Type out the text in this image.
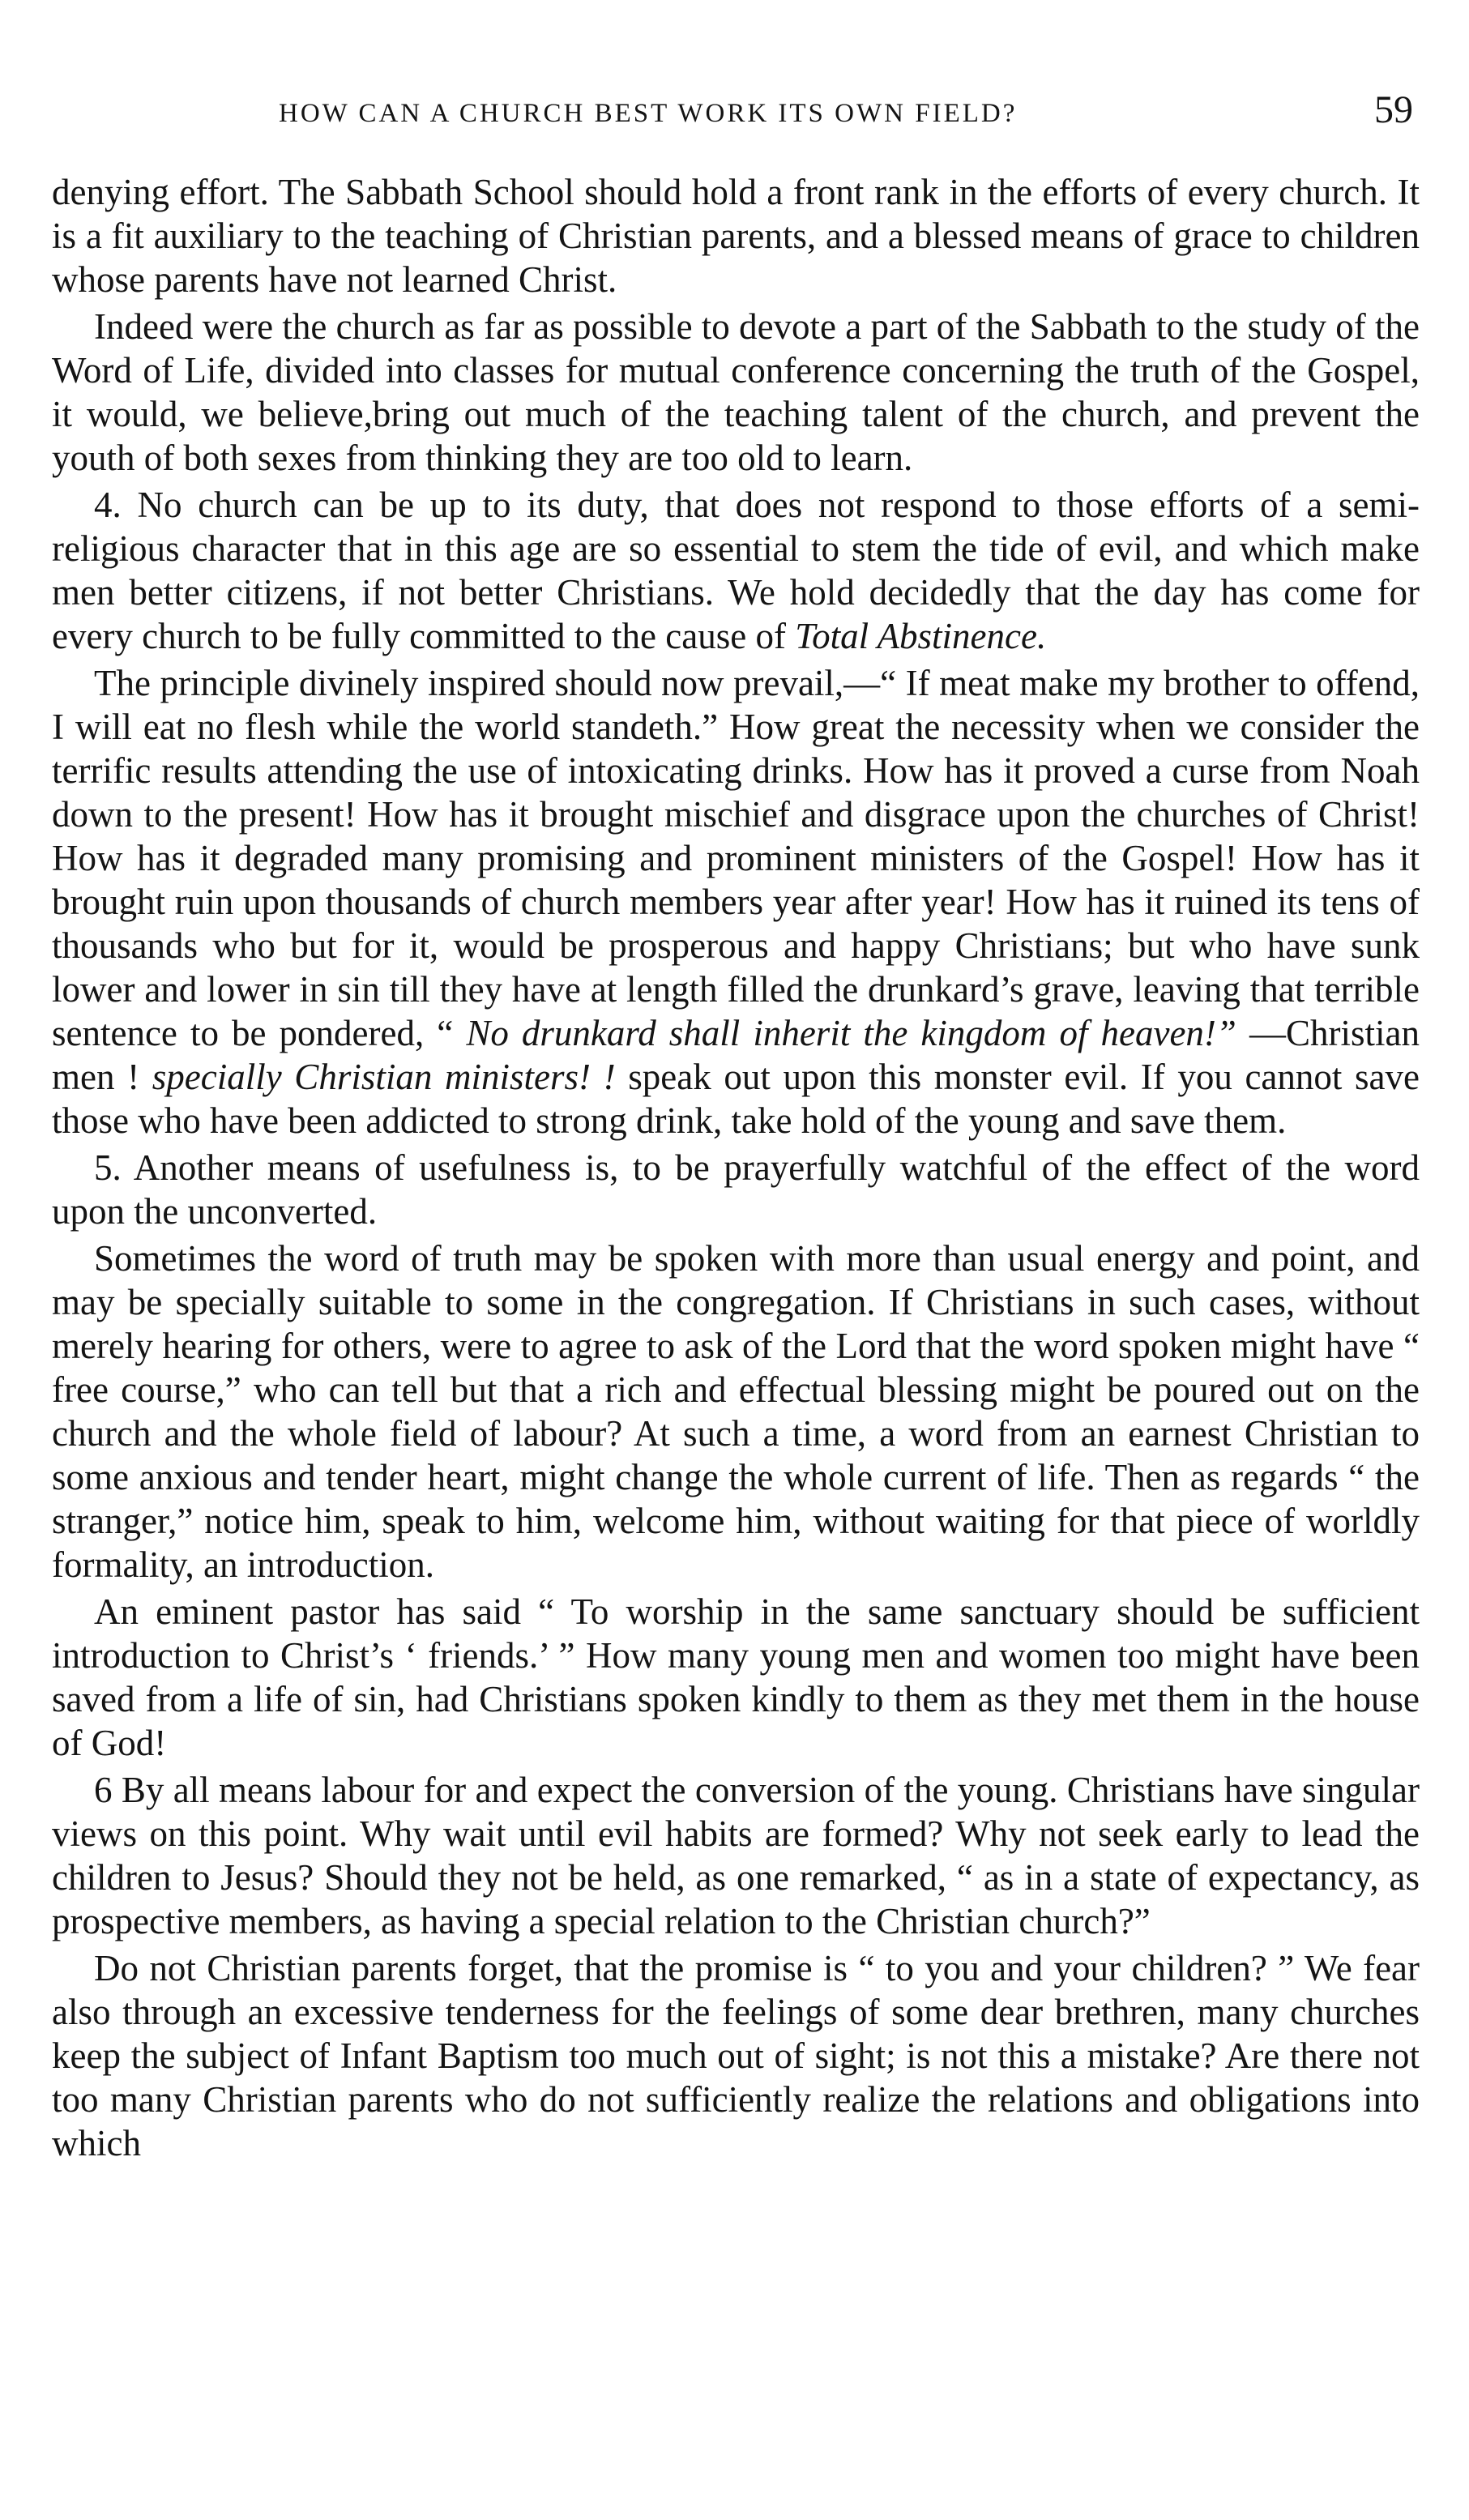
HOW CAN A CHURCH BEST WORK ITS OWN FIELD?	59

denying effort. The Sabbath School should hold a front rank in the efforts of every church. It is a fit auxiliary to the teaching of Christian parents, and a blessed means of grace to children whose parents have not learned Christ.

Indeed were the church as far as possible to devote a part of the Sabbath to the study of the Word of Life, divided into classes for mutual conference concerning the truth of the Gospel, it would, we believe,bring out much of the teaching talent of the church, and prevent the youth of both sexes from thinking they are too old to learn.

4. No church can be up to its duty, that does not respond to those efforts of a semi-religious character that in this age are so essential to stem the tide of evil, and which make men better citizens, if not better Christians. We hold decidedly that the day has come for every church to be fully committed to the cause of Total Abstinence.

The principle divinely inspired should now prevail,—“ If meat make my brother to offend, I will eat no flesh while the world standeth.” How great the necessity when we consider the terrific results attending the use of intoxicating drinks. How has it proved a curse from Noah down to the present! How has it brought mischief and disgrace upon the churches of Christ! How has it degraded many promising and prominent ministers of the Gospel! How has it brought ruin upon thousands of church members year after year! How has it ruined its tens of thousands who but for it, would be prosperous and happy Christians; but who have sunk lower and lower in sin till they have at length filled the drunkard’s grave, leaving that terrible sentence to be pondered, “ No drunkard shall inherit the kingdom of heaven!” —Christian men ! specially Christian ministers! ! speak out upon this monster evil. If you cannot save those who have been addicted to strong drink, take hold of the young and save them.

5. Another means of usefulness is, to be prayerfully watchful of the effect of the word upon the unconverted.

Sometimes the word of truth may be spoken with more than usual energy and point, and may be specially suitable to some in the congregation. If Christians in such cases, without merely hearing for others, were to agree to ask of the Lord that the word spoken might have “ free course,” who can tell but that a rich and effectual blessing might be poured out on the church and the whole field of labour? At such a time, a word from an earnest Christian to some anxious and tender heart, might change the whole current of life. Then as regards “ the stranger,” notice him, speak to him, welcome him, without waiting for that piece of worldly formality, an introduction.

An eminent pastor has said “ To worship in the same sanctuary should be sufficient introduction to Christ’s ‘ friends.’ ” How many young men and women too might have been saved from a life of sin, had Christians spoken kindly to them as they met them in the house of God!

6 By all means labour for and expect the conversion of the young. Christians have singular views on this point. Why wait until evil habits are formed? Why not seek early to lead the children to Jesus? Should they not be held, as one remarked, “ as in a state of expectancy, as prospective members, as having a special relation to the Christian church?”

Do not Christian parents forget, that the promise is “ to you and your children? ” We fear also through an excessive tenderness for the feelings of some dear brethren, many churches keep the subject of Infant Baptism too much out of sight; is not this a mistake? Are there not too many Christian parents who do not sufficiently realize the relations and obligations into which
